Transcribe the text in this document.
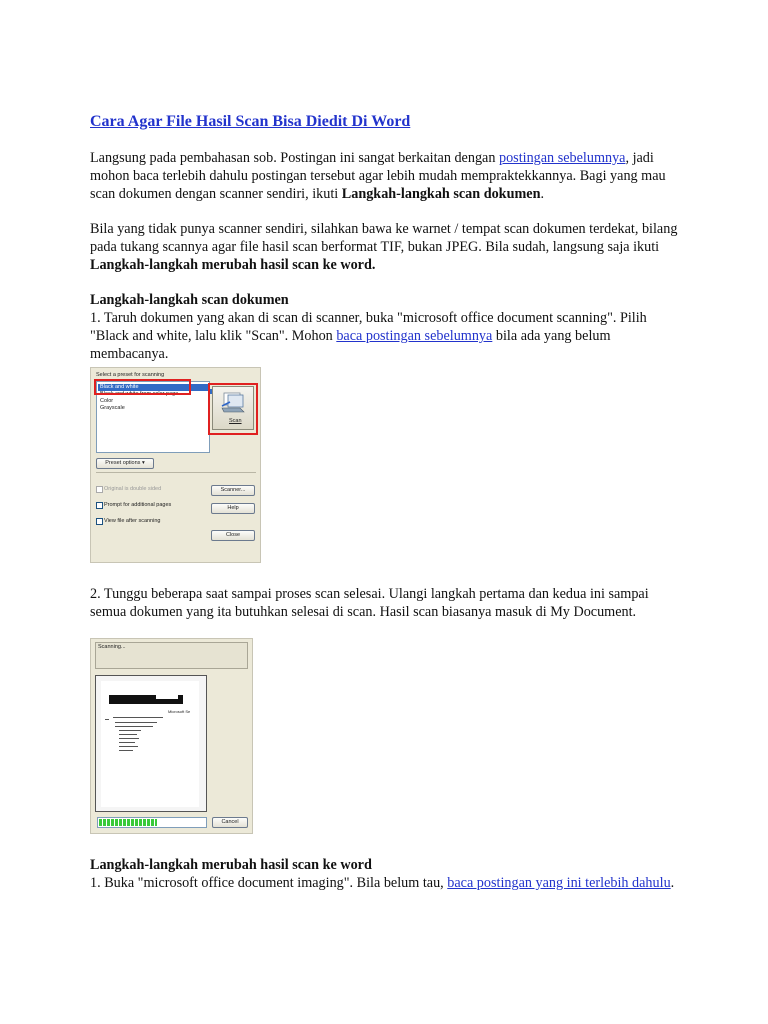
Cara Agar File Hasil Scan Bisa Diedit Di Word

Langsung pada pembahasan sob. Postingan ini sangat berkaitan dengan postingan sebelumnya, jadi mohon baca terlebih dahulu postingan tersebut agar lebih mudah mempraktekkannya. Bagi yang mau scan dokumen dengan scanner sendiri, ikuti Langkah-langkah scan dokumen.

Bila yang tidak punya scanner sendiri, silahkan bawa ke warnet / tempat scan dokumen terdekat, bilang pada tukang scannya agar file hasil scan berformat TIF, bukan JPEG. Bila sudah, langsung saja ikuti Langkah-langkah merubah hasil scan ke word.

Langkah-langkah scan dokumen
1. Taruh dokumen yang akan di scan di scanner, buka "microsoft office document scanning". Pilih "Black and white, lalu klik "Scan". Mohon baca postingan sebelumnya bila ada yang belum membacanya.
Select a preset for scanning
Black and white
Black and white from color page
Color
Grayscale
Scan
Preset options ▾
Original is double sided
Prompt for additional pages
View file after scanning
Scanner...
Help
Close

2. Tunggu beberapa saat sampai proses scan selesai. Ulangi langkah pertama dan kedua ini sampai semua dokumen yang ita butuhkan selesai di scan. Hasil scan biasanya masuk di My Document.

Scanning...
Microsoft Se
Cancel
Langkah-langkah merubah hasil scan ke word
1. Buka "microsoft office document imaging". Bila belum tau, baca postingan yang ini terlebih dahulu.
